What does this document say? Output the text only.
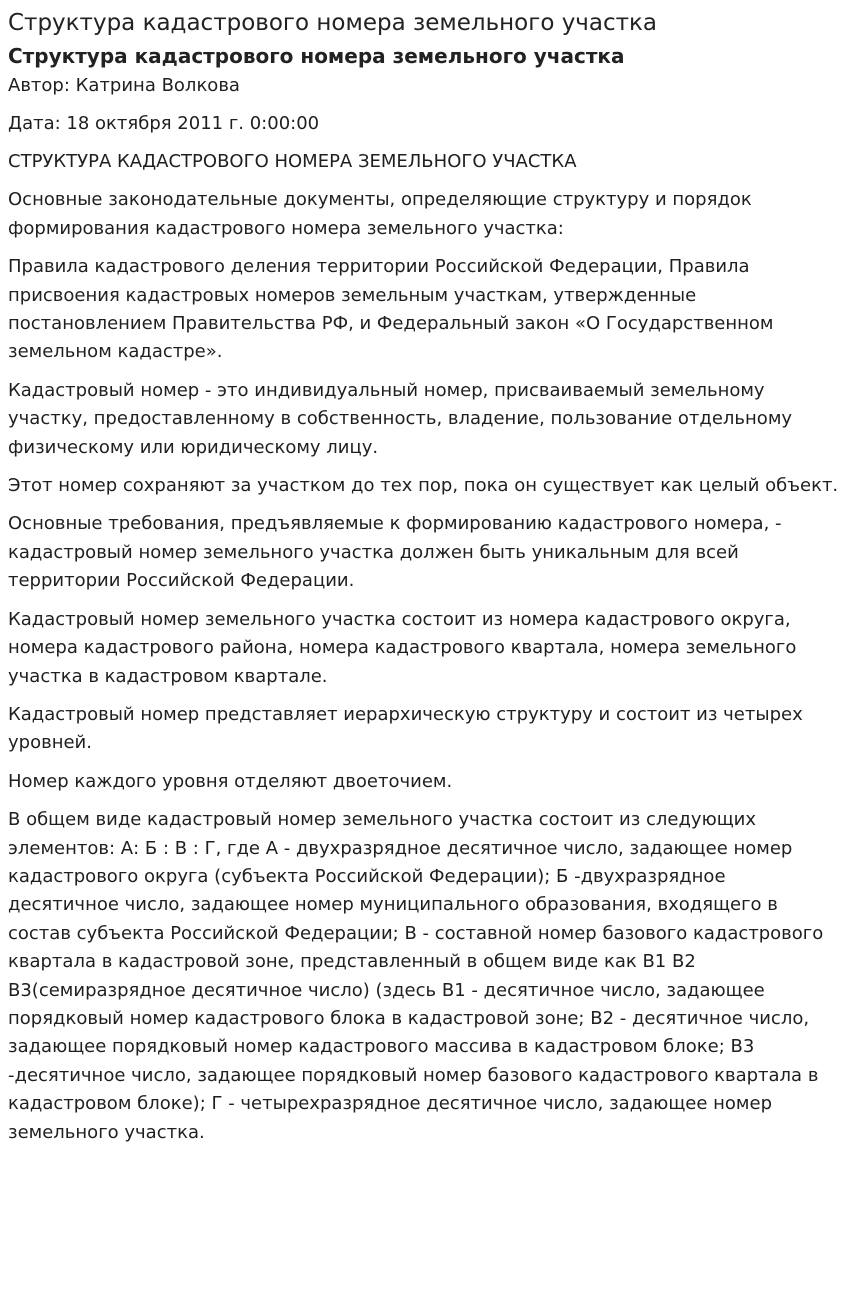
Структура кадастрового номера земельного участка
Структура кадастрового номера земельного участка

Автор: Катрина Волкова

Дата: 18 октября 2011 г. 0:00:00

СТРУКТУРА КАДАСТРОВОГО НОМЕРА ЗЕМЕЛЬНОГО УЧАСТКА

Основные законодательные документы, определяющие структуру и порядок формирования кадастрового номера земельного участка:

Правила кадастрового деления территории Российской Федерации, Правила присвоения кадастровых номеров земельным участкам, утвержденные постановлением Правительства РФ, и Федеральный закон «О Государственном земельном кадастре».

Кадастровый номер - это индивидуальный номер, присваиваемый земельному участку, предоставленному в собственность, владение, пользование отдельному физическому или юридическому лицу.

Этот номер сохраняют за участком до тех пор, пока он существует как целый объект.

Основные требования, предъявляемые к формированию кадастрового номера, - кадастровый номер земельного участка должен быть уникальным для всей территории Российской Федерации.

Кадастровый номер земельного участка состоит из номера кадастрового округа, номера кадастрового района, номера кадастрового квартала, номера земельного участка в кадастровом квартале.

Кадастровый номер представляет иерархическую структуру и состоит из четырех уровней.

Номер каждого уровня отделяют двоеточием.

В общем виде кадастровый номер земельного участка состоит из следующих элементов: А: Б : В : Г, где А - двухразрядное десятичное число, задающее номер кадастрового округа (субъекта Российской Федерации); Б -двухразрядное десятичное число, задающее номер муниципального образования, входящего в состав субъекта Российской Федерации; В - составной номер базового кадастрового квартала в кадастровой зоне, представленный в общем виде как В1 В2 В3(семиразрядное десятичное число) (здесь В1 - десятичное число, задающее порядковый номер кадастрового блока в кадастровой зоне; В2 - десятичное число, задающее порядковый номер кадастрового массива в кадастровом блоке; В3 -десятичное число, задающее порядковый номер базового кадастрового квартала в кадастровом блоке); Г - четырехразрядное десятичное число, задающее номер земельного участка.
